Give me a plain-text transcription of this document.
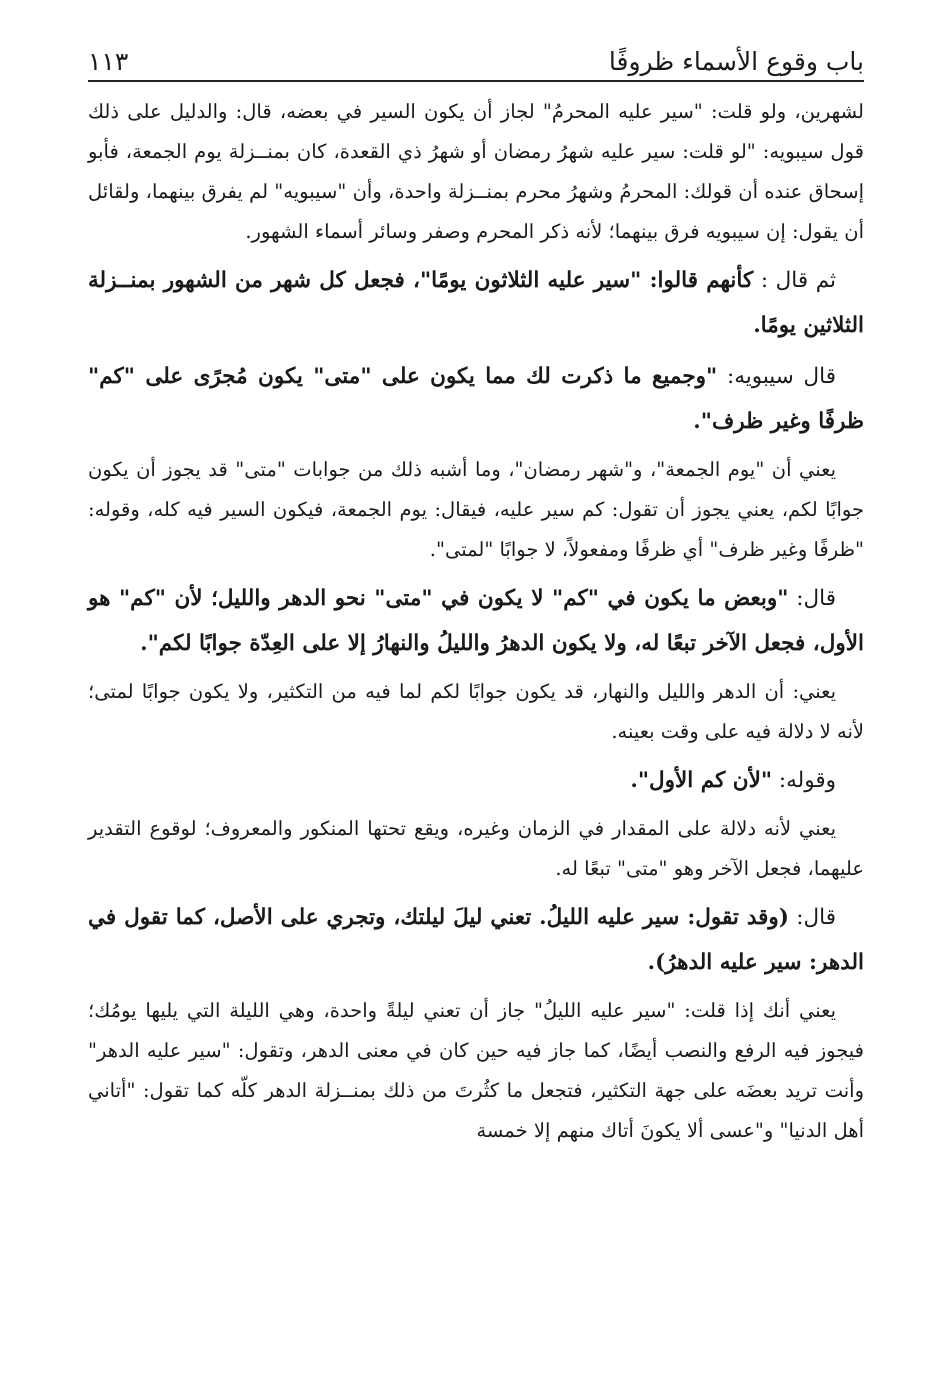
باب وقوع الأسماء ظروفًا
١١٣

لشهرين، ولو قلت: "سير عليه المحرمُ" لجاز أن يكون السير في بعضه، قال: والدليل على ذلك قول سيبويه: "لو قلت: سير عليه شهرُ رمضان أو شهرُ ذي القعدة، كان بمنــزلة يوم الجمعة، فأبو إسحاق عنده أن قولك: المحرمُ وشهرُ محرم بمنــزلة واحدة، وأن "سيبويه" لم يفرق بينهما، ولقائل أن يقول: إن سيبويه فرق بينهما؛ لأنه ذكر المحرم وصفر وسائر أسماء الشهور.

ثم قال : كأنهم قالوا: "سير عليه الثلاثون يومًا"، فجعل كل شهر من الشهور بمنــزلة الثلاثين يومًا.

قال سيبويه: "وجميع ما ذكرت لك مما يكون على "متى" يكون مُجرًى على "كم" ظرفًا وغير ظرف".

يعني أن "يوم الجمعة"، و"شهر رمضان"، وما أشبه ذلك من جوابات "متى" قد يجوز أن يكون جوابًا لكم، يعني يجوز أن تقول: كم سير عليه، فيقال: يوم الجمعة، فيكون السير فيه كله، وقوله: "ظرفًا وغير ظرف" أي ظرفًا ومفعولاً، لا جوابًا "لمتى".

قال: "وبعض ما يكون في "كم" لا يكون في "متى" نحو الدهر والليل؛ لأن "كم" هو الأول، فجعل الآخر تبعًا له، ولا يكون الدهرُ والليلُ والنهارُ إلا على العِدّة جوابًا لكم".

يعني: أن الدهر والليل والنهار، قد يكون جوابًا لكم لما فيه من التكثير، ولا يكون جوابًا لمتى؛ لأنه لا دلالة فيه على وقت بعينه.

وقوله: "لأن كم الأول".

يعني لأنه دلالة على المقدار في الزمان وغيره، ويقع تحتها المنكور والمعروف؛ لوقوع التقدير عليهما، فجعل الآخر وهو "متى" تبعًا له.

قال: (وقد تقول: سير عليه الليلُ. تعني ليلَ ليلتك، وتجري على الأصل، كما تقول في الدهر: سير عليه الدهرُ).

يعني أنك إذا قلت: "سير عليه الليلُ" جاز أن تعني ليلةً واحدة، وهي الليلة التي يليها يومُك؛ فيجوز فيه الرفع والنصب أيضًا، كما جاز فيه حين كان في معنى الدهر، وتقول: "سير عليه الدهر" وأنت تريد بعضَه على جهة التكثير، فتجعل ما كثُرتَ من ذلك بمنــزلة الدهر كلّه كما تقول: "أتاني أهل الدنيا" و"عسى ألا يكونَ أتاك منهم إلا خمسة
